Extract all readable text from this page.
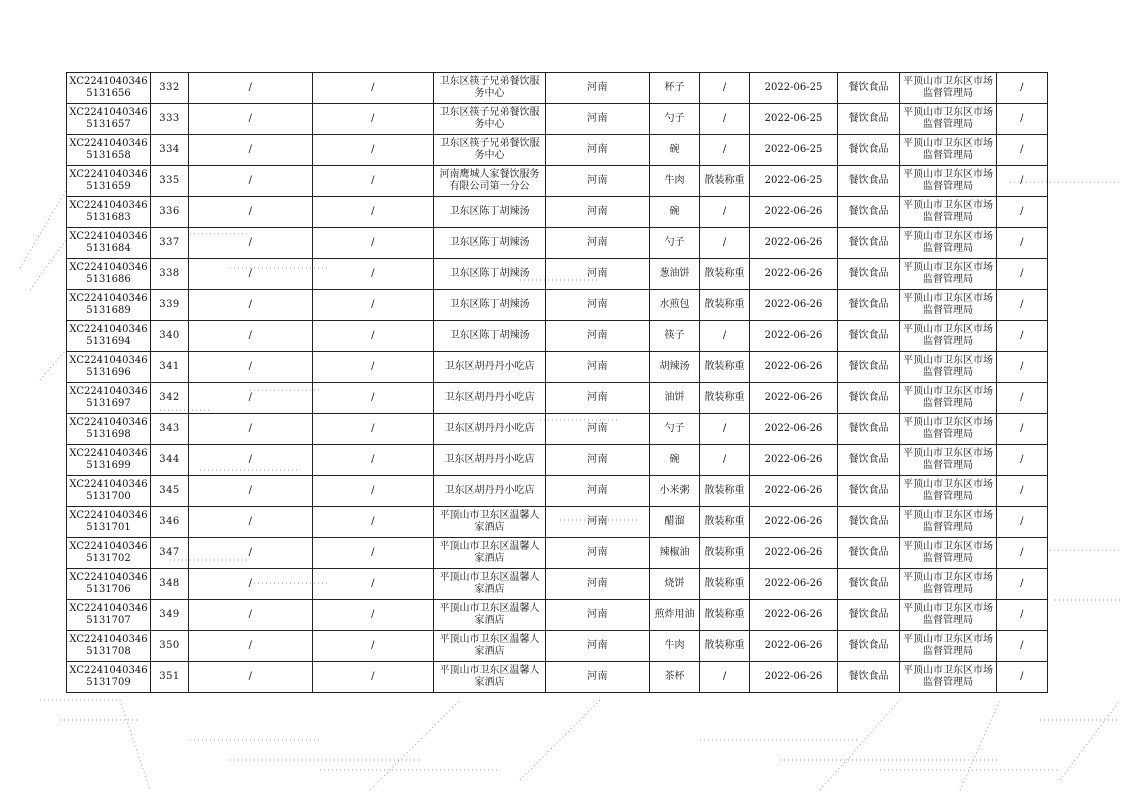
XC22410403465131656	332	/	/	卫东区筷子兄弟餐饮服务中心	河南	杯子	/	2022-06-25	餐饮食品	平顶山市卫东区市场监督管理局	/
XC22410403465131657	333	/	/	卫东区筷子兄弟餐饮服务中心	河南	勺子	/	2022-06-25	餐饮食品	平顶山市卫东区市场监督管理局	/
XC22410403465131658	334	/	/	卫东区筷子兄弟餐饮服务中心	河南	碗	/	2022-06-25	餐饮食品	平顶山市卫东区市场监督管理局	/
XC22410403465131659	335	/	/	河南鹰城人家餐饮服务有限公司第一分公	河南	牛肉	散装称重	2022-06-25	餐饮食品	平顶山市卫东区市场监督管理局	/
XC22410403465131683	336	/	/	卫东区陈丁胡辣汤	河南	碗	/	2022-06-26	餐饮食品	平顶山市卫东区市场监督管理局	/
XC22410403465131684	337	/	/	卫东区陈丁胡辣汤	河南	勺子	/	2022-06-26	餐饮食品	平顶山市卫东区市场监督管理局	/
XC22410403465131686	338	/	/	卫东区陈丁胡辣汤	河南	葱油饼	散装称重	2022-06-26	餐饮食品	平顶山市卫东区市场监督管理局	/
XC22410403465131689	339	/	/	卫东区陈丁胡辣汤	河南	水煎包	散装称重	2022-06-26	餐饮食品	平顶山市卫东区市场监督管理局	/
XC22410403465131694	340	/	/	卫东区陈丁胡辣汤	河南	筷子	/	2022-06-26	餐饮食品	平顶山市卫东区市场监督管理局	/
XC22410403465131696	341	/	/	卫东区胡丹丹小吃店	河南	胡辣汤	散装称重	2022-06-26	餐饮食品	平顶山市卫东区市场监督管理局	/
XC22410403465131697	342	/	/	卫东区胡丹丹小吃店	河南	油饼	散装称重	2022-06-26	餐饮食品	平顶山市卫东区市场监督管理局	/
XC22410403465131698	343	/	/	卫东区胡丹丹小吃店	河南	勺子	/	2022-06-26	餐饮食品	平顶山市卫东区市场监督管理局	/
XC22410403465131699	344	/	/	卫东区胡丹丹小吃店	河南	碗	/	2022-06-26	餐饮食品	平顶山市卫东区市场监督管理局	/
XC22410403465131700	345	/	/	卫东区胡丹丹小吃店	河南	小米粥	散装称重	2022-06-26	餐饮食品	平顶山市卫东区市场监督管理局	/
XC22410403465131701	346	/	/	平顶山市卫东区温馨人家酒店	河南	醋溜	散装称重	2022-06-26	餐饮食品	平顶山市卫东区市场监督管理局	/
XC22410403465131702	347	/	/	平顶山市卫东区温馨人家酒店	河南	辣椒油	散装称重	2022-06-26	餐饮食品	平顶山市卫东区市场监督管理局	/
XC22410403465131706	348	/	/	平顶山市卫东区温馨人家酒店	河南	烧饼	散装称重	2022-06-26	餐饮食品	平顶山市卫东区市场监督管理局	/
XC22410403465131707	349	/	/	平顶山市卫东区温馨人家酒店	河南	煎炸用油	散装称重	2022-06-26	餐饮食品	平顶山市卫东区市场监督管理局	/
XC22410403465131708	350	/	/	平顶山市卫东区温馨人家酒店	河南	牛肉	散装称重	2022-06-26	餐饮食品	平顶山市卫东区市场监督管理局	/
XC22410403465131709	351	/	/	平顶山市卫东区温馨人家酒店	河南	茶杯	/	2022-06-26	餐饮食品	平顶山市卫东区市场监督管理局	/
